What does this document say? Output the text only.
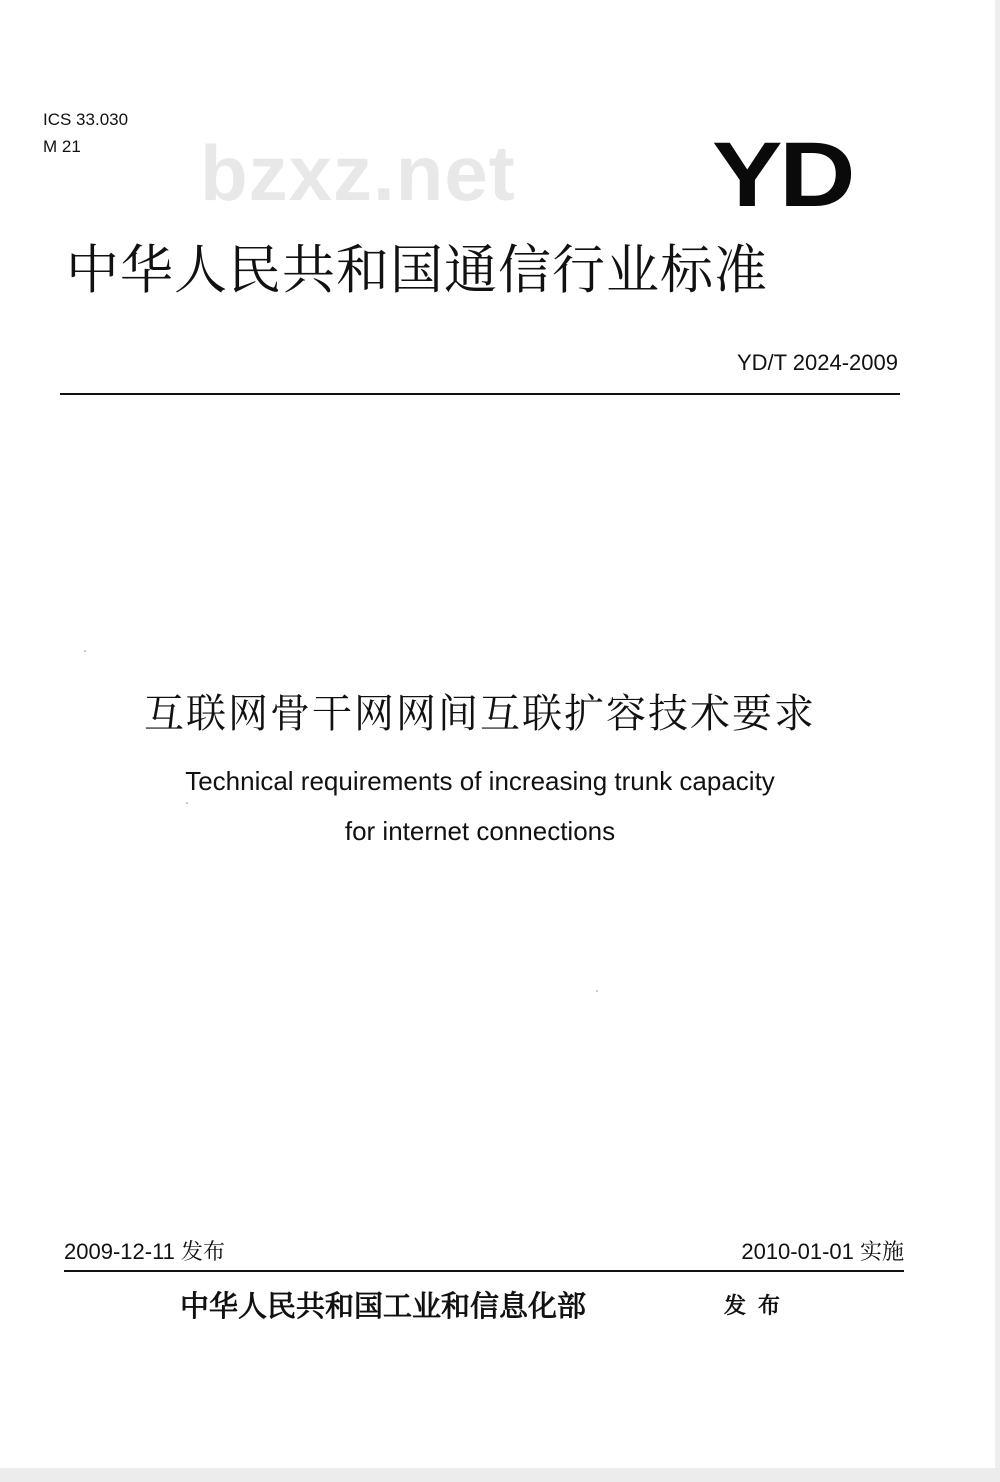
ICS 33.030
M 21 bzxz.net YD
中华人民共和国通信行业标准
YD/T 2024-2009
互联网骨干网网间互联扩容技术要求
Technical requirements of increasing trunk capacity
for internet connections
2009-12-11 发布	2010-01-01 实施
中华人民共和国工业和信息化部	发布
